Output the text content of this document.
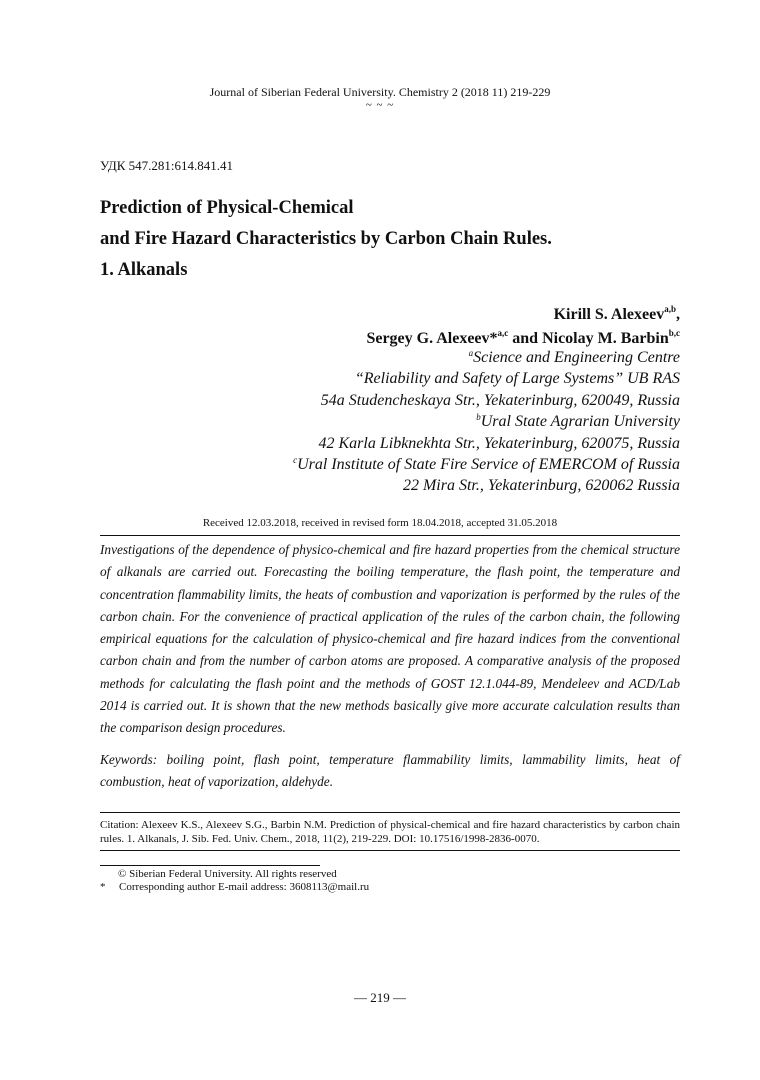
Journal of Siberian Federal University. Chemistry 2 (2018 11) 219-229
~ ~ ~
УДК 547.281:614.841.41
Prediction of Physical-Chemical
and Fire Hazard Characteristics by Carbon Chain Rules.
1. Alkanals
Kirill S. Alexeev$^{a,b}$,
Sergey G. Alexeev*$^{a,c}$ and Nicolay M. Barbin$^{b,c}$
$^a$Science and Engineering Centre
“Reliability and Safety of Large Systems” UB RAS
54a Studencheskaya Str., Yekaterinburg, 620049, Russia
$^b$Ural State Agrarian University
42 Karla Libknekhta Str., Yekaterinburg, 620075, Russia
$^c$Ural Institute of State Fire Service of EMERCOM of Russia
22 Mira Str., Yekaterinburg, 620062 Russia
Received 12.03.2018, received in revised form 18.04.2018, accepted 31.05.2018
Investigations of the dependence of physico-chemical and fire hazard properties from the chemical structure of alkanals are carried out. Forecasting the boiling temperature, the flash point, the temperature and concentration flammability limits, the heats of combustion and vaporization is performed by the rules of the carbon chain. For the convenience of practical application of the rules of the carbon chain, the following empirical equations for the calculation of physico-chemical and fire hazard indices from the conventional carbon chain and from the number of carbon atoms are proposed. A comparative analysis of the proposed methods for calculating the flash point and the methods of GOST 12.1.044-89, Mendeleev and ACD/Lab 2014 is carried out. It is shown that the new methods basically give more accurate calculation results than the comparison design procedures.
Keywords: boiling point, flash point, temperature flammability limits, lammability limits, heat of combustion, heat of vaporization, aldehyde.
Citation: Alexeev K.S., Alexeev S.G., Barbin N.M. Prediction of physical-chemical and fire hazard characteristics by carbon chain rules. 1. Alkanals, J. Sib. Fed. Univ. Chem., 2018, 11(2), 219-229. DOI: 10.17516/1998-2836-0070.
© Siberian Federal University. All rights reserved
* Corresponding author E-mail address: 3608113@mail.ru
— 219 —
